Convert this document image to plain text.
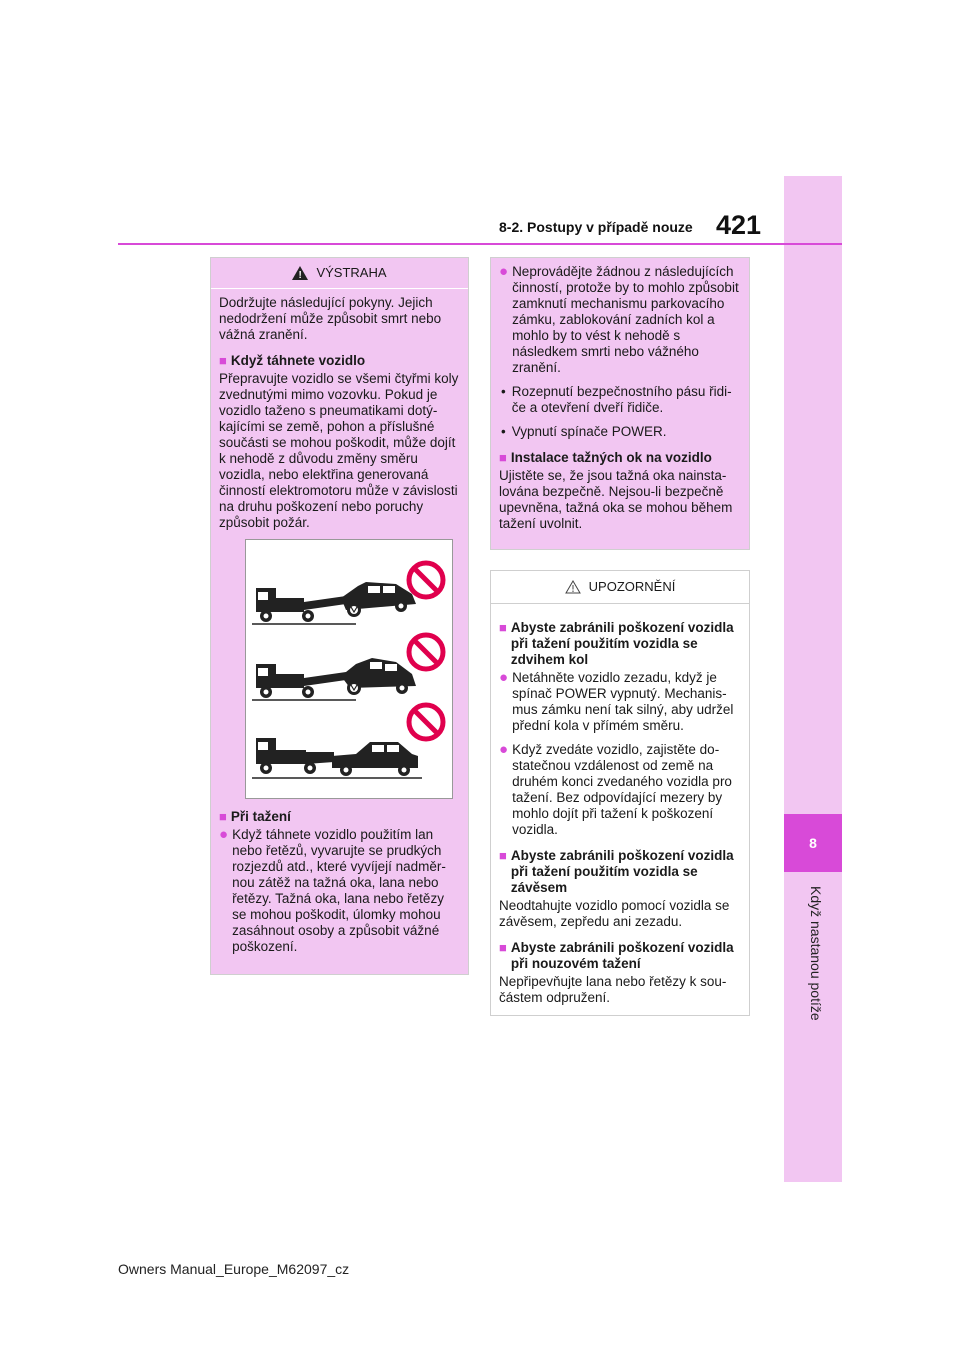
8
Když nastanou potíže
8-2. Postupy v případě nouze 421
!
VÝSTRAHA

Dodržujte následující pokyny. Jejich nedodržení může způsobit smrt nebo vážná zranění.

■ Když táhnete vozidlo

Přepravujte vozidlo se všemi čtyřmi koly zvednutými mimo vozovku. Pokud je vozidlo taženo s pneumatikami dotýkajícími se země, pohon a příslušné součásti se mohou poškodit, může dojít k nehodě z důvodu změny směru vozidla, nebo elektřina generovaná činností elektromotoru může v závislosti na druhu poškození nebo poruchy způsobit požár.

■ Při tažení
● Když táhnete vozidlo použitím lan nebo řetězů, vyvarujte se prudkých rozjezdů atd., které vyvíjejí nadměrnou zátěž na tažná oka, lana nebo řetězy. Tažná oka, lana nebo řetězy se mohou poškodit, úlomky mohou zasáhnout osoby a způsobit vážné poškození.
● Neprovádějte žádnou z následujících činností, protože by to mohlo způsobit zamknutí mechanismu parkovacího zámku, zablokování zadních kol a mohlo by to vést k nehodě s následkem smrti nebo vážného zranění.
• Rozepnutí bezpečnostního pásu řidiče a otevření dveří řidiče.
• Vypnutí spínače POWER.
■ Instalace tažných ok na vozidlo

Ujistěte se, že jsou tažná oka nainstalována bezpečně. Nejsou-li bezpečně upevněna, tažná oka se mohou během tažení uvolnit.

UPOZORNĚNÍ
■ Abyste zabránili poškození vozidla při tažení použitím vozidla se zdvihem kol
● Netáhněte vozidlo zezadu, když je spínač POWER vypnutý. Mechanismus zámku není tak silný, aby udržel přední kola v přímém směru.
● Když zvedáte vozidlo, zajistěte dostatečnou vzdálenost od země na druhém konci zvedaného vozidla pro tažení. Bez odpovídající mezery by mohlo dojít při tažení k poškození vozidla.
■ Abyste zabránili poškození vozidla při tažení použitím vozidla se závěsem

Neodtahujte vozidlo pomocí vozidla se závěsem, zepředu ani zezadu.

■ Abyste zabránili poškození vozidla při nouzovém tažení

Nepřipevňujte lana nebo řetězy k součástem odpružení.

Owners Manual_Europe_M62097_cz
